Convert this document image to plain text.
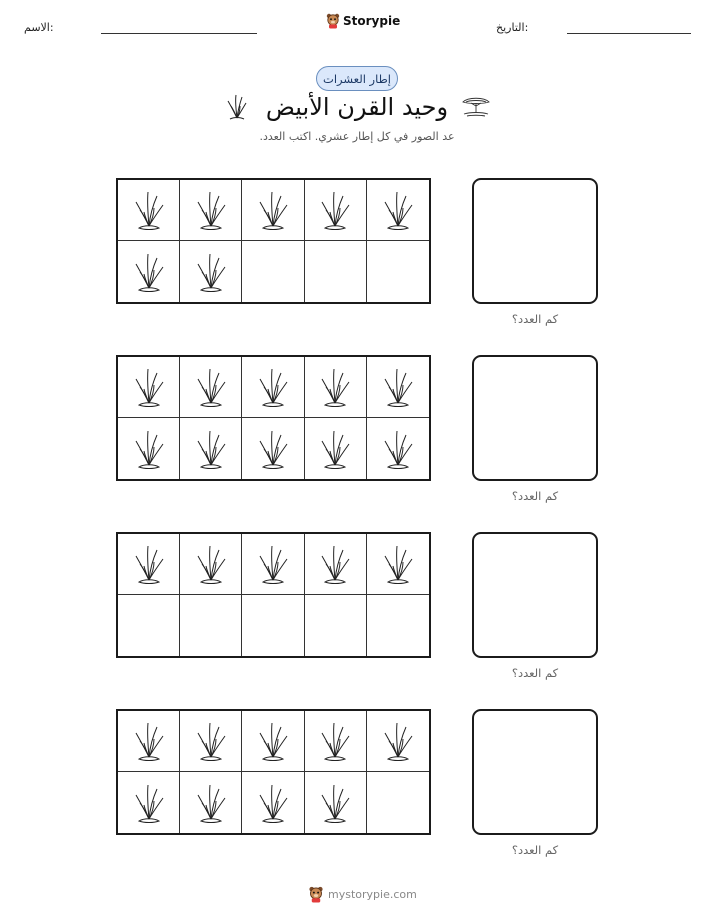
الاسم:	Storypie	التاريخ:
إطار العشرات
وحيد القرن الأبيض
عد الصور في كل إطار عشري. اكتب العدد.
كم العدد؟
كم العدد؟
كم العدد؟
كم العدد؟
mystorypie.com
